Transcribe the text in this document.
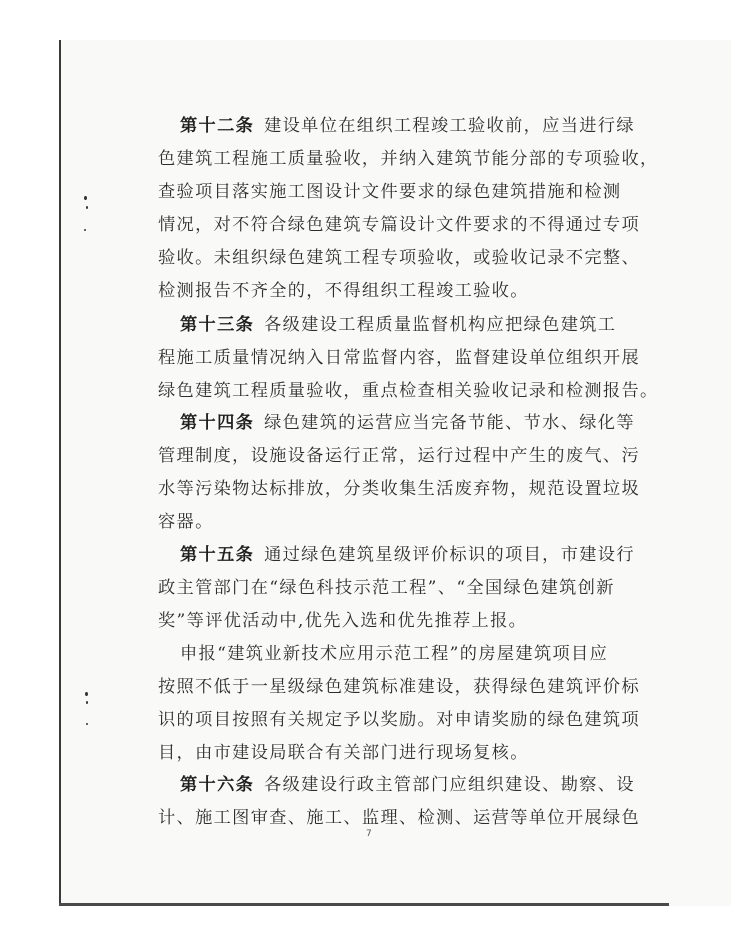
第十二条  建设单位在组织工程竣工验收前，应当进行绿
色建筑工程施工质量验收，并纳入建筑节能分部的专项验收，
查验项目落实施工图设计文件要求的绿色建筑措施和检测
情况，对不符合绿色建筑专篇设计文件要求的不得通过专项
验收。未组织绿色建筑工程专项验收，或验收记录不完整、
检测报告不齐全的，不得组织工程竣工验收。
第十三条  各级建设工程质量监督机构应把绿色建筑工
程施工质量情况纳入日常监督内容，监督建设单位组织开展
绿色建筑工程质量验收，重点检查相关验收记录和检测报告。
第十四条  绿色建筑的运营应当完备节能、节水、绿化等
管理制度，设施设备运行正常，运行过程中产生的废气、污
水等污染物达标排放，分类收集生活废弃物，规范设置垃圾
容器。
第十五条  通过绿色建筑星级评价标识的项目，市建设行
政主管部门在“绿色科技示范工程”、“全国绿色建筑创新
奖”等评优活动中,优先入选和优先推荐上报。
申报“建筑业新技术应用示范工程”的房屋建筑项目应
按照不低于一星级绿色建筑标准建设，获得绿色建筑评价标
识的项目按照有关规定予以奖励。对申请奖励的绿色建筑项
目，由市建设局联合有关部门进行现场复核。
第十六条  各级建设行政主管部门应组织建设、勘察、设
计、施工图审查、施工、监理、检测、运营等单位开展绿色
7
